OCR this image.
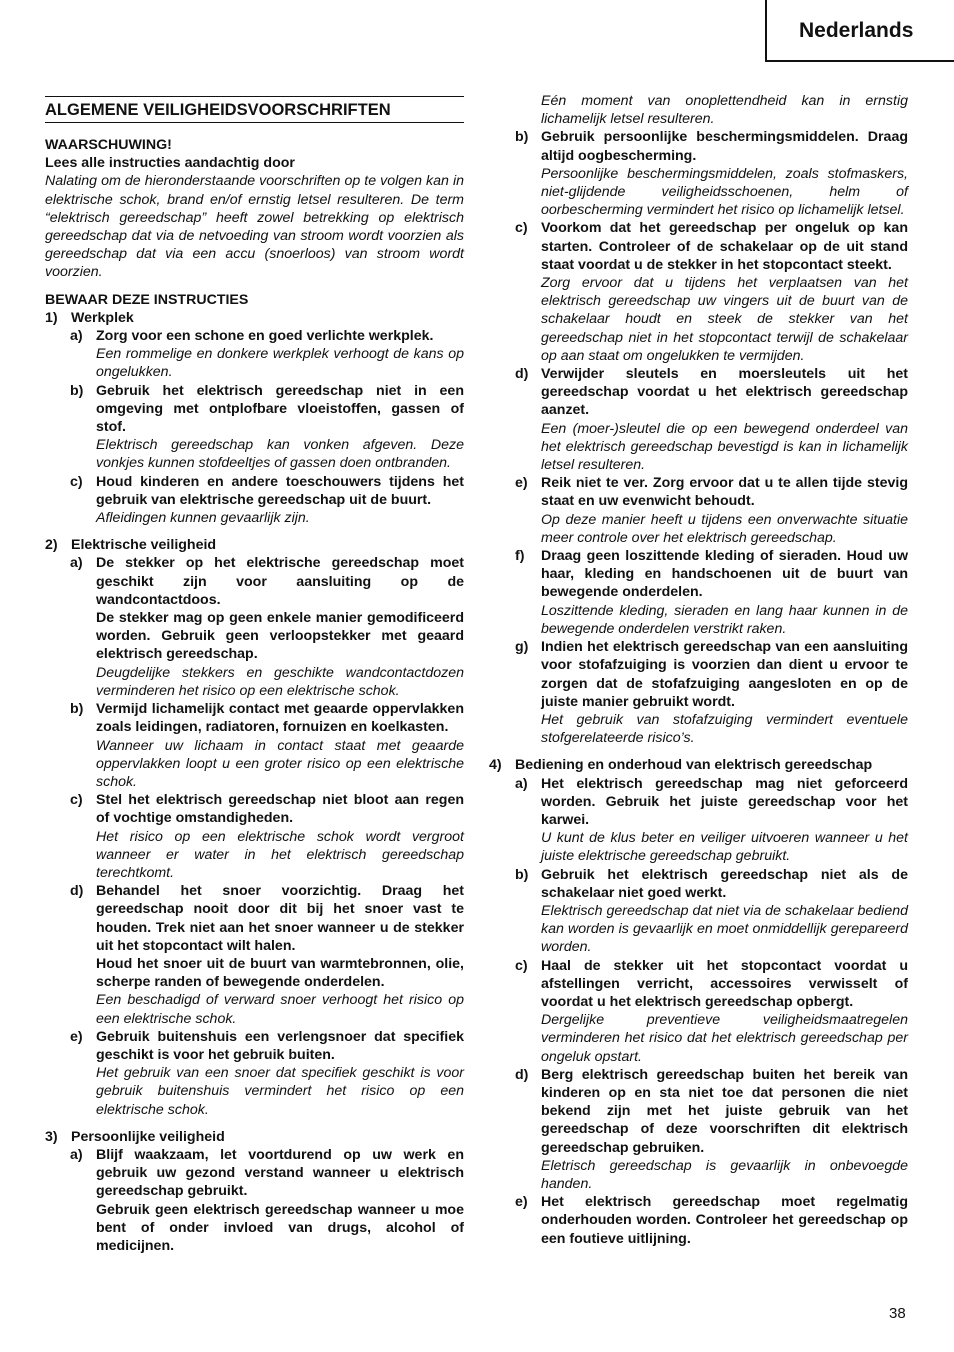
Nederlands
ALGEMENE VEILIGHEIDSVOORSCHRIFTEN
WAARSCHUWING!
Lees alle instructies aandachtig door
Nalating om de hieronderstaande voorschriften op te volgen kan in elektrische schok, brand en/of ernstig letsel resulteren. De term “elektrisch gereedschap” heeft zowel betrekking op elektrisch gereedschap dat via de netvoeding van stroom wordt voorzien als gereedschap dat via een accu (snoerloos) van stroom wordt voorzien.
BEWAAR DEZE INSTRUCTIES
1) Werkplek
a) Zorg voor een schone en goed verlichte werkplek.
Een rommelige en donkere werkplek verhoogt de kans op ongelukken.
b) Gebruik het elektrisch gereedschap niet in een omgeving met ontplofbare vloeistoffen, gassen of stof.
Elektrisch gereedschap kan vonken afgeven. Deze vonkjes kunnen stofdeeltjes of gassen doen ontbranden.
c) Houd kinderen en andere toeschouwers tijdens het gebruik van elektrische gereedschap uit de buurt.
Afleidingen kunnen gevaarlijk zijn.
2) Elektrische veiligheid
a) De stekker op het elektrische gereedschap moet geschikt zijn voor aansluiting op de wandcontactdoos.
De stekker mag op geen enkele manier gemodificeerd worden. Gebruik geen verloopstekker met geaard elektrisch gereedschap.
Deugdelijke stekkers en geschikte wandcontactdozen verminderen het risico op een elektrische schok.
b) Vermijd lichamelijk contact met geaarde oppervlakken zoals leidingen, radiatoren, fornuizen en koelkasten.
Wanneer uw lichaam in contact staat met geaarde oppervlakken loopt u een groter risico op een elektrische schok.
c) Stel het elektrisch gereedschap niet bloot aan regen of vochtige omstandigheden.
Het risico op een elektrische schok wordt vergroot wanneer er water in het elektrisch gereedschap terechtkomt.
d) Behandel het snoer voorzichtig. Draag het gereedschap nooit door dit bij het snoer vast te houden. Trek niet aan het snoer wanneer u de stekker uit het stopcontact wilt halen.
Houd het snoer uit de buurt van warmtebronnen, olie, scherpe randen of bewegende onderdelen.
Een beschadigd of verward snoer verhoogt het risico op een elektrische schok.
e) Gebruik buitenshuis een verlengsnoer dat specifiek geschikt is voor het gebruik buiten.
Het gebruik van een snoer dat specifiek geschikt is voor gebruik buitenshuis vermindert het risico op een elektrische schok.
3) Persoonlijke veiligheid
a) Blijf waakzaam, let voortdurend op uw werk en gebruik uw gezond verstand wanneer u elektrisch gereedschap gebruikt.
Gebruik geen elektrisch gereedschap wanneer u moe bent of onder invloed van drugs, alcohol of medicijnen.
Eén moment van onoplettendheid kan in ernstig lichamelijk letsel resulteren.
b) Gebruik persoonlijke beschermingsmiddelen. Draag altijd oogbescherming.
Persoonlijke beschermingsmiddelen, zoals stofmaskers, niet-glijdende veiligheidsschoenen, helm of oorbescherming vermindert het risico op lichamelijk letsel.
c) Voorkom dat het gereedschap per ongeluk op kan starten. Controleer of de schakelaar op de uit stand staat voordat u de stekker in het stopcontact steekt.
Zorg ervoor dat u tijdens het verplaatsen van het elektrisch gereedschap uw vingers uit de buurt van de schakelaar houdt en steek de stekker van het gereedschap niet in het stopcontact terwijl de schakelaar op aan staat om ongelukken te vermijden.
d) Verwijder sleutels en moersleutels uit het gereedschap voordat u het elektrisch gereedschap aanzet.
Een (moer-)sleutel die op een bewegend onderdeel van het elektrisch gereedschap bevestigd is kan in lichamelijk letsel resulteren.
e) Reik niet te ver. Zorg ervoor dat u te allen tijde stevig staat en uw evenwicht behoudt.
Op deze manier heeft u tijdens een onverwachte situatie meer controle over het elektrisch gereedschap.
f)	Draag geen loszittende kleding of sieraden. Houd uw haar, kleding en handschoenen uit de buurt van bewegende onderdelen.
Loszittende kleding, sieraden en lang haar kunnen in de bewegende onderdelen verstrikt raken.
g) Indien het elektrisch gereedschap van een aansluiting voor stofafzuiging is voorzien dan dient u ervoor te zorgen dat de stofafzuiging aangesloten en op de juiste manier gebruikt wordt.
Het gebruik van stofafzuiging vermindert eventuele stofgerelateerde risico’s.
4) Bediening en onderhoud van elektrisch gereedschap
a) Het elektrisch gereedschap mag niet geforceerd worden. Gebruik het juiste gereedschap voor het karwei.
U kunt de klus beter en veiliger uitvoeren wanneer u het juiste elektrische gereedschap gebruikt.
b) Gebruik het elektrisch gereedschap niet als de schakelaar niet goed werkt.
Elektrisch gereedschap dat niet via de schakelaar bediend kan worden is gevaarlijk en moet onmiddellijk gerepareerd worden.
c) Haal de stekker uit het stopcontact voordat u afstellingen verricht, accessoires verwisselt of voordat u het elektrisch gereedschap opbergt.
Dergelijke preventieve veiligheidsmaatregelen verminderen het risico dat het elektrisch gereedschap per ongeluk opstart.
d) Berg elektrisch gereedschap buiten het bereik van kinderen op en sta niet toe dat personen die niet bekend zijn met het juiste gebruik van het gereedschap of deze voorschriften dit elektrisch gereedschap gebruiken.
Eletrisch gereedschap is gevaarlijk in onbevoegde handen.
e) Het elektrisch gereedschap moet regelmatig onderhouden worden. Controleer het gereedschap op een foutieve uitlijning.
38
